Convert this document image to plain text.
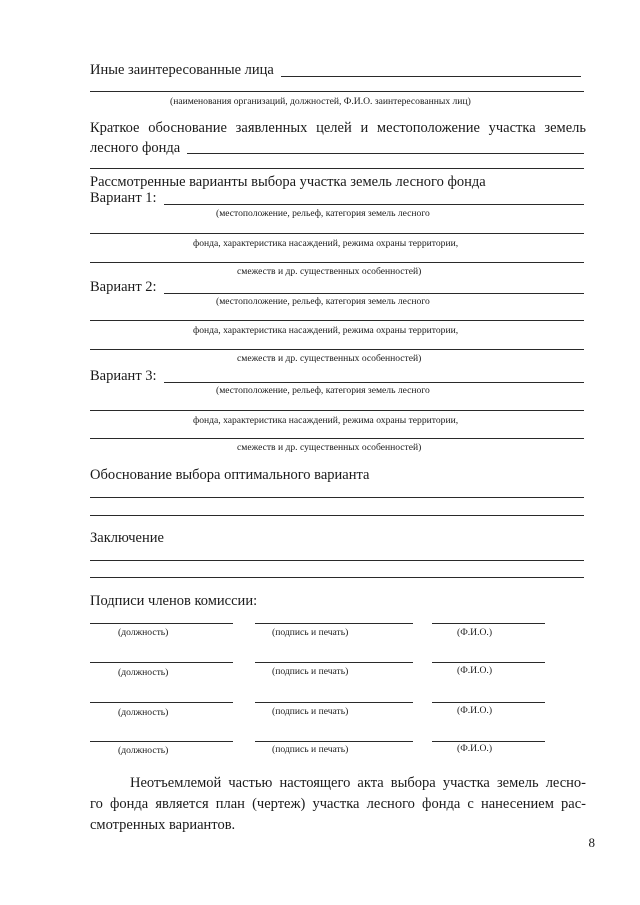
Иные заинтересованные лица
(наименования организаций, должностей, Ф.И.О. заинтересованных лиц)
Краткое обоснование заявленных целей и местоположение участка земель
лесного фонда
Рассмотренные варианты выбора участка земель лесного фонда
Вариант 1:
(местоположение, рельеф, категория земель лесного
фонда, характеристика насаждений, режима охраны территории,
смежеств и др. существенных особенностей)
Вариант 2:
(местоположение, рельеф, категория земель лесного
фонда, характеристика насаждений, режима охраны территории,
смежеств и др. существенных особенностей)
Вариант 3:
(местоположение, рельеф, категория земель лесного
фонда, характеристика насаждений, режима охраны территории,
смежеств и др. существенных особенностей)
Обоснование выбора оптимального варианта
Заключение
Подписи членов комиссии:
(должность)	(подпись и печать)	(Ф.И.О.)
(должность)	(подпись и печать)	(Ф.И.О.)
(должность)	(подпись и печать)	(Ф.И.О.)
(должность)	(подпись и печать)	(Ф.И.О.)
Неотъемлемой частью настоящего акта выбора участка земель лесно-
го фонда является план (чертеж) участка лесного фонда с нанесением рас-
смотренных вариантов.
8
